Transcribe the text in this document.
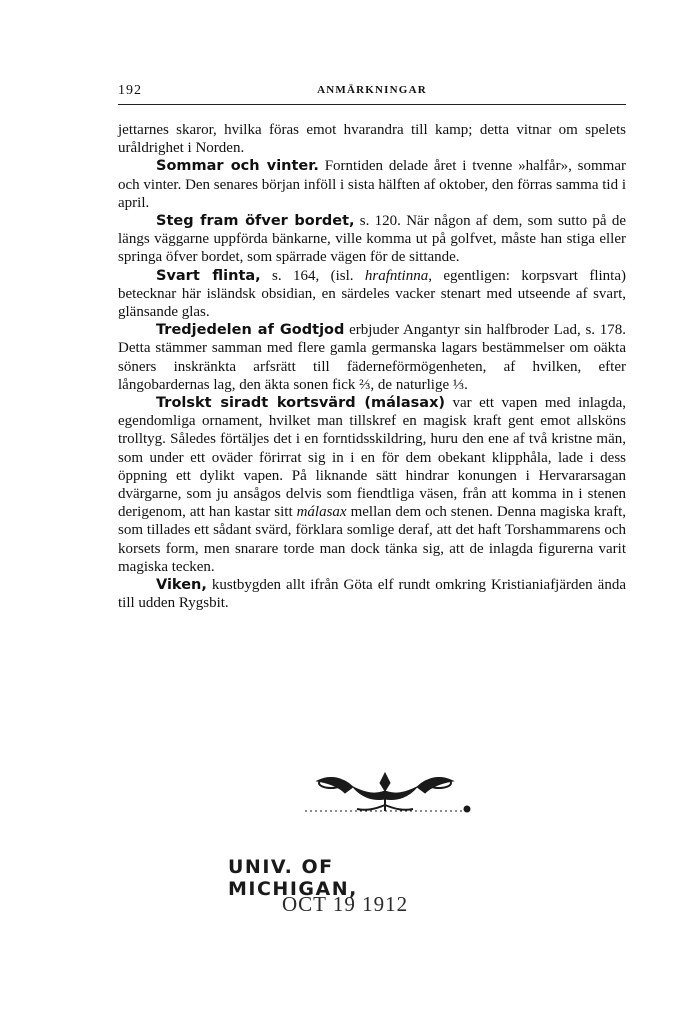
192	ANMÄRKNINGAR

jettarnes skaror, hvilka föras emot hvarandra till kamp; detta vitnar om spelets uråldrighet i Norden.

Sommar och vinter. Forntiden delade året i tvenne »halfår», sommar och vinter. Den senares början inföll i sista hälften af oktober, den förras samma tid i april.

Steg fram öfver bordet, s. 120. När någon af dem, som sutto på de längs väggarne uppförda bänkarne, ville komma ut på golfvet, måste han stiga eller springa öfver bordet, som spärrade vägen för de sittande.

Svart flinta, s. 164, (isl. hrafntinna, egentligen: korpsvart flinta) betecknar här isländsk obsidian, en särdeles vacker stenart med utseende af svart, glänsande glas.

Tredjedelen af Godtjod erbjuder Angantyr sin halfbroder Lad, s. 178. Detta stämmer samman med flere gamla germanska lagars bestämmelser om oäkta söners inskränkta arfsrätt till fädernеförmögenheten, af hvilken, efter långobardernas lag, den äkta sonen fick ⅔, de naturlige ⅓.

Trolskt siradt kortsvärd (málasax) var ett vapen med inlagda, egendomliga ornament, hvilket man tillskref en magisk kraft gent emot allsköns trolltyg. Således förtäljes det i en forntidsskildring, huru den ene af två kristne män, som under ett oväder förirrat sig in i en för dem obekant klipphåla, lade i dess öppning ett dylikt vapen. På liknande sätt hindrar konungen i Hervararsagan dvärgarne, som ju ansågos delvis som fiendtliga väsen, från att komma in i stenen derigenom, att han kastar sitt málasax mellan dem och stenen. Denna magiska kraft, som tillades ett sådant svärd, förklara somlige deraf, att det haft Torshammarens och korsets form, men snarare torde man dock tänka sig, att de inlagda figurerna varit magiska tecken.

Viken, kustbygden allt ifrån Göta elf rundt omkring Kristianiafjärden ända till udden Rygsbit.

UNIV. OF MICHIGAN,
OCT 19 1912
